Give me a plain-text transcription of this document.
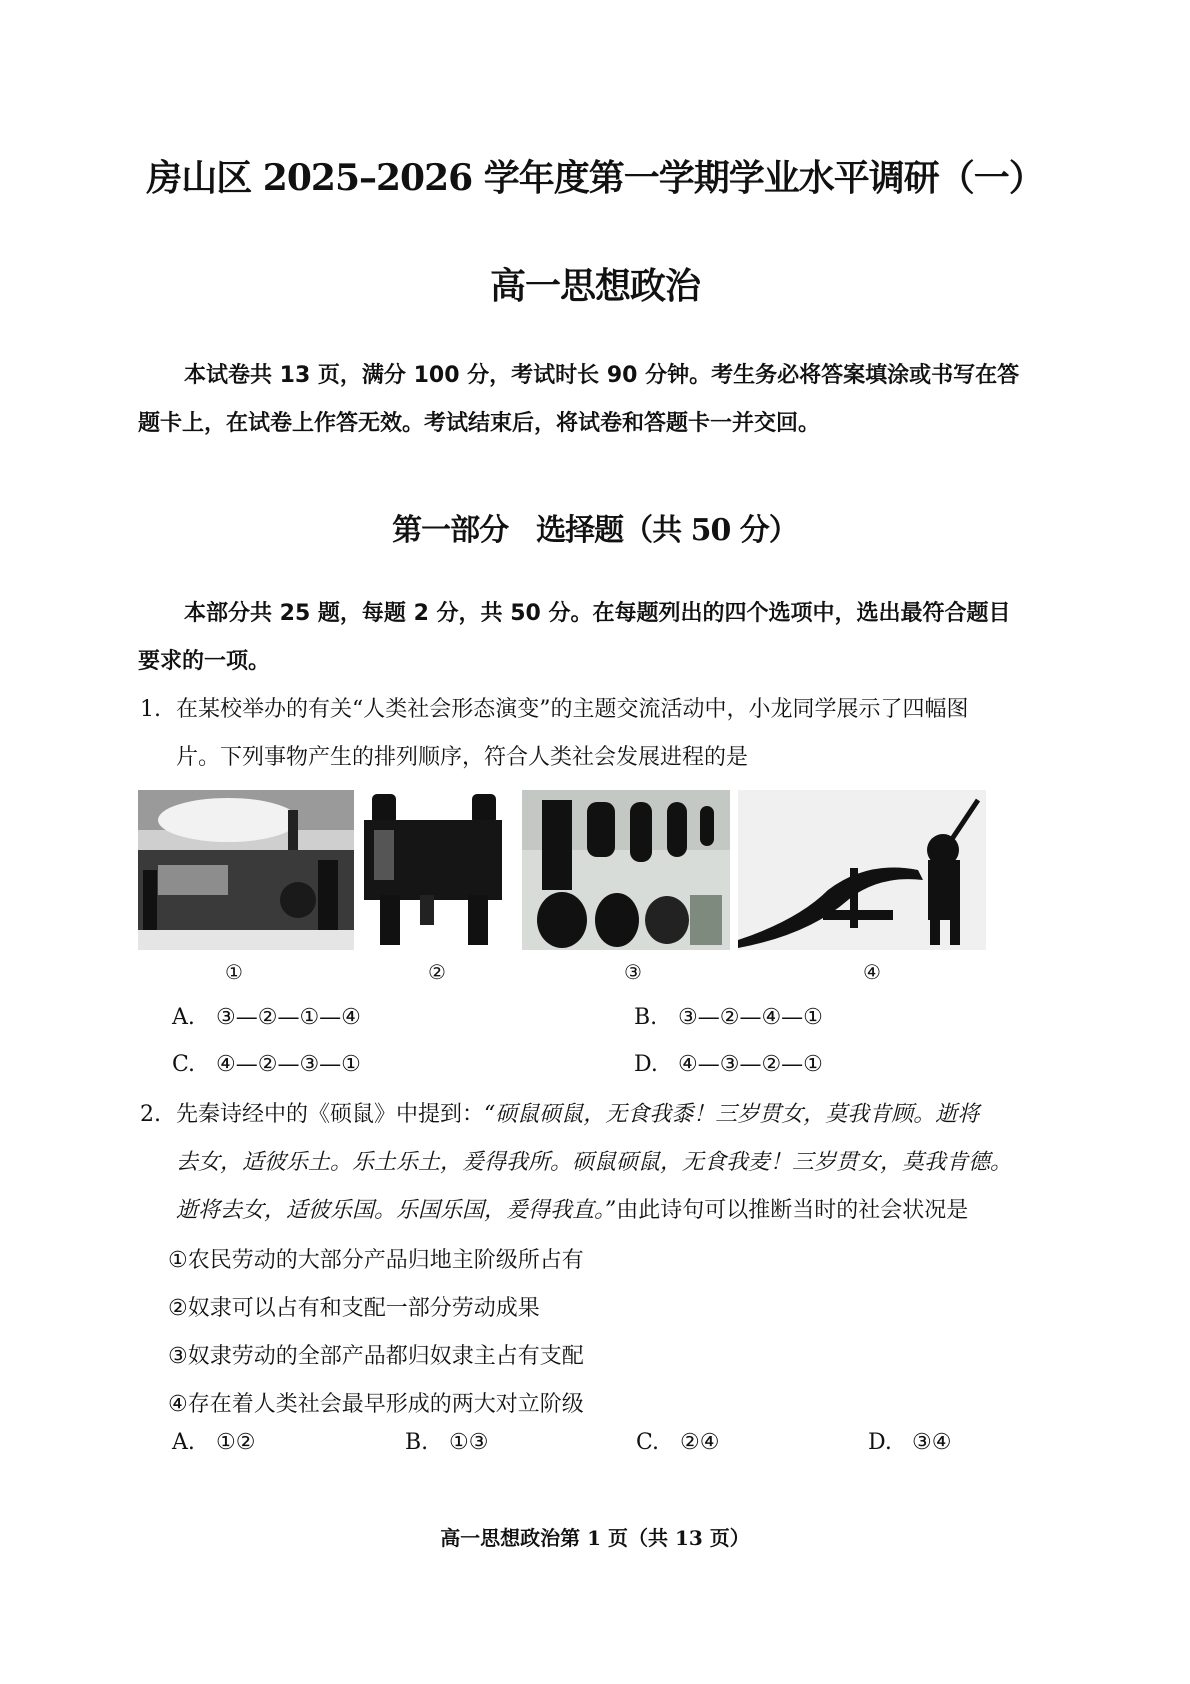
房山区 2025–2026 学年度第一学期学业水平调研（一）
高一思想政治
本试卷共 13 页，满分 100 分，考试时长 90 分钟。考生务必将答案填涂或书写在答
题卡上，在试卷上作答无效。考试结束后，将试卷和答题卡一并交回。
第一部分 选择题（共 50 分）
本部分共 25 题，每题 2 分，共 50 分。在每题列出的四个选项中，选出最符合题目
要求的一项。
1. 在某校举办的有关“人类社会形态演变”的主题交流活动中，小龙同学展示了四幅图
片。下列事物产生的排列顺序，符合人类社会发展进程的是
①	②	③	④
A. ③—②—①—④	B. ③—②—④—①
C. ④—②—③—①	D. ④—③—②—①
2. 先秦诗经中的《硕鼠》中提到：“硕鼠硕鼠，无食我黍！三岁贯女，莫我肯顾。逝将
去女，适彼乐土。乐土乐土，爰得我所。硕鼠硕鼠，无食我麦！三岁贯女，莫我肯德。
逝将去女，适彼乐国。乐国乐国，爰得我直。”由此诗句可以推断当时的社会状况是
①农民劳动的大部分产品归地主阶级所占有
②奴隶可以占有和支配一部分劳动成果
③奴隶劳动的全部产品都归奴隶主占有支配
④存在着人类社会最早形成的两大对立阶级
A. ①②	B. ①③	C. ②④	D. ③④
高一思想政治第 1 页（共 13 页）
